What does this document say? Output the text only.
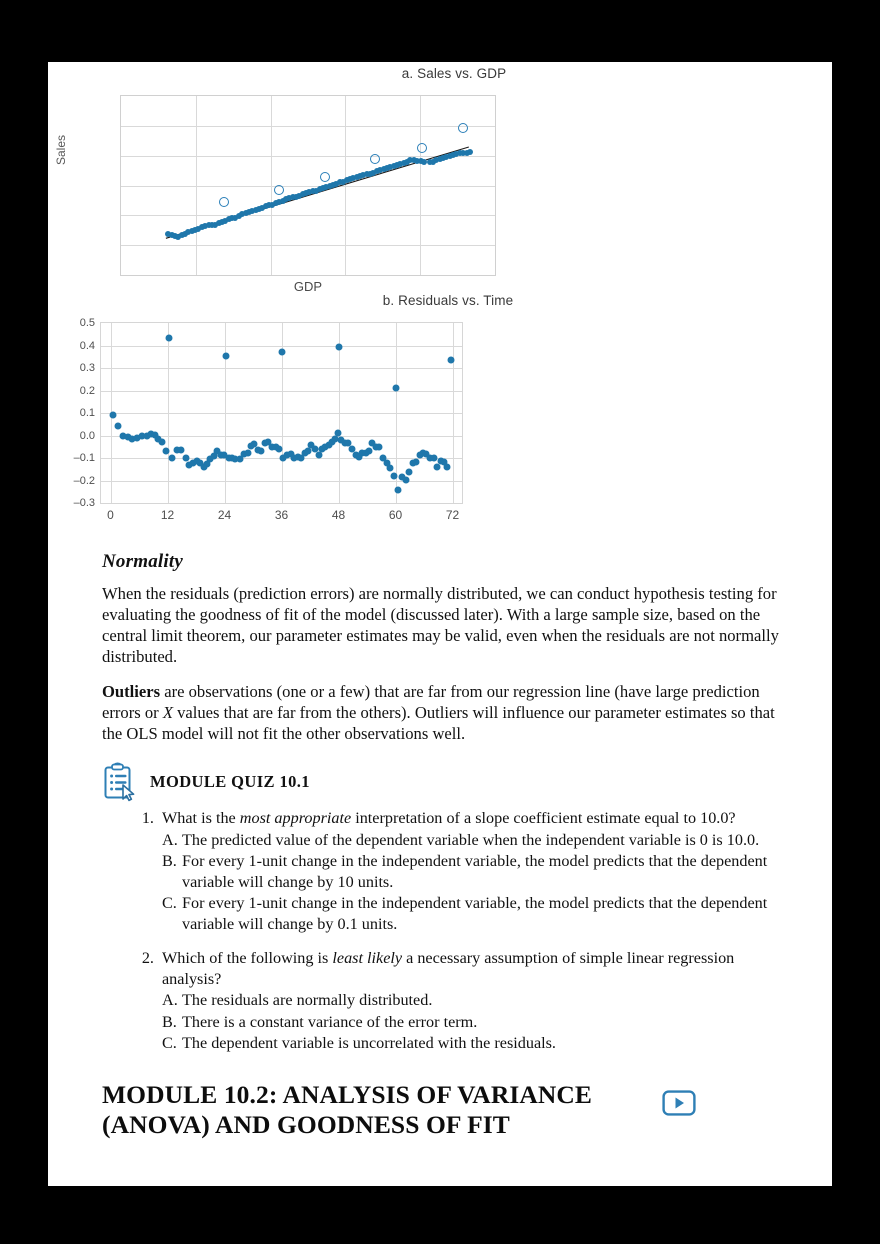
a. Sales vs. GDP
Sales
GDP
b. Residuals vs. Time
–0.3
–0.2
–0.1
0.0
0.1
0.2
0.3
0.4
0.5
0	12	24	36	48	60	72
Normality

When the residuals (prediction errors) are normally distributed, we can conduct hypothesis testing for evaluating the goodness of fit of the model (discussed later). With a large sample size, based on the central limit theorem, our parameter estimates may be valid, even when the residuals are not normally distributed.

Outliers are observations (one or a few) that are far from our regression line (have large prediction errors or X values that are far from the others). Outliers will influence our parameter estimates so that the OLS model will not fit the other observations well.

MODULE QUIZ 10.1
1. What is the most appropriate interpretation of a slope coefficient estimate equal to 10.0?
A. The predicted value of the dependent variable when the independent variable is 0 is 10.0.
B. For every 1-unit change in the independent variable, the model predicts that the dependent variable will change by 10 units.
C. For every 1-unit change in the independent variable, the model predicts that the dependent variable will change by 0.1 units.
2. Which of the following is least likely a necessary assumption of simple linear regression analysis?
A. The residuals are normally distributed.
B. There is a constant variance of the error term.
C. The dependent variable is uncorrelated with the residuals.
MODULE 10.2: ANALYSIS OF VARIANCE (ANOVA) AND GOODNESS OF FIT
